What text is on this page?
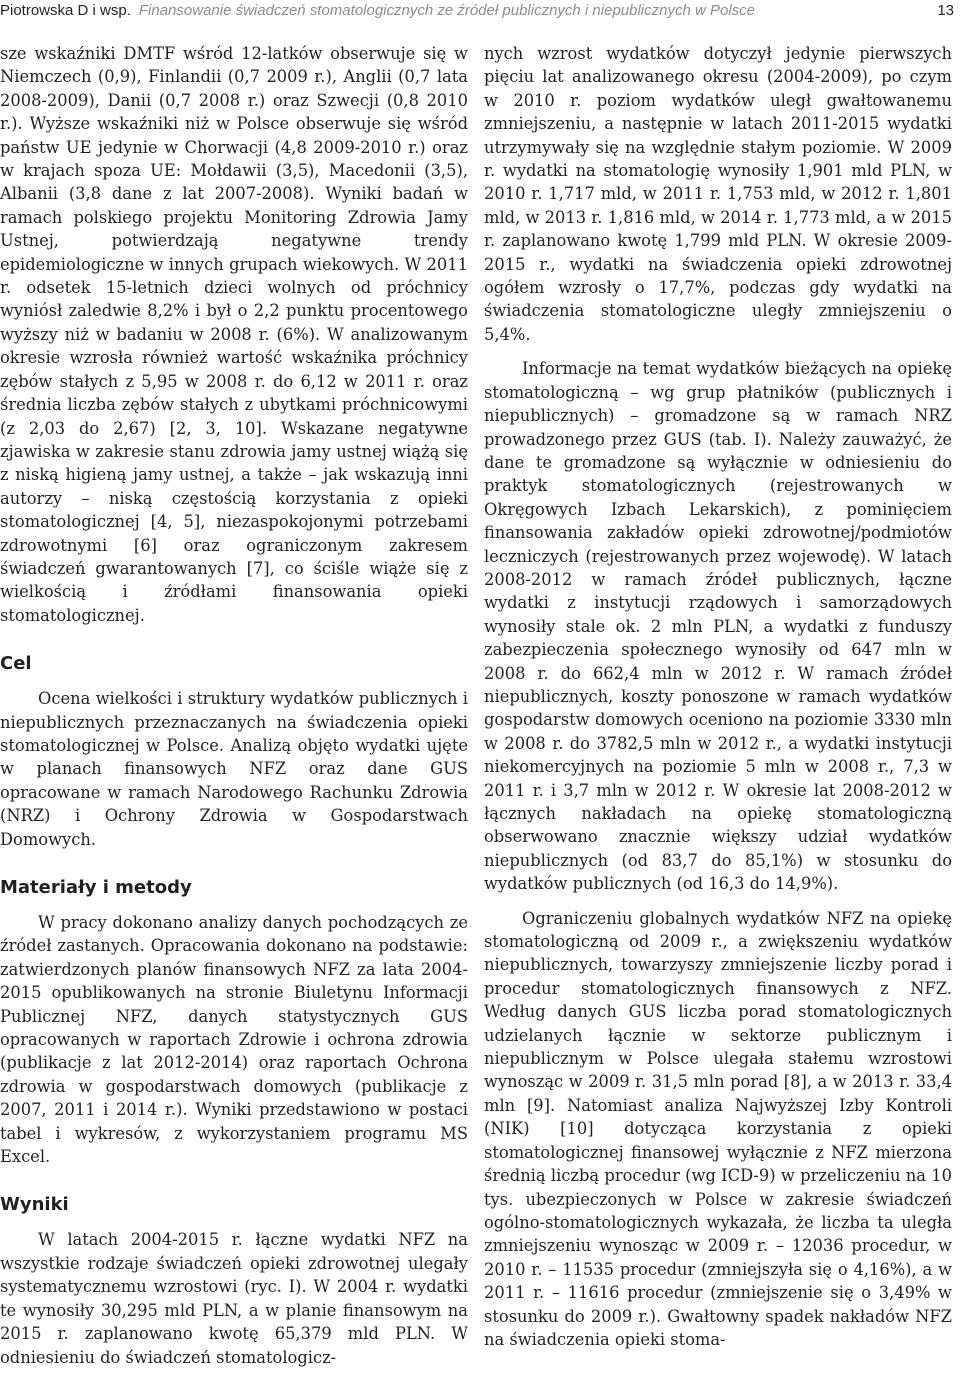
Piotrowska D i wsp. Finansowanie świadczeń stomatologicznych ze źródeł publicznych i niepublicznych w Polsce	13

sze wskaźniki DMTF wśród 12-latków obserwuje się w Niemczech (0,9), Finlandii (0,7 2009 r.), Anglii (0,7 lata 2008-2009), Danii (0,7 2008 r.) oraz Szwecji (0,8 2010 r.). Wyższe wskaźniki niż w Polsce obserwuje się wśród państw UE jedynie w Chorwacji (4,8 2009-2010 r.) oraz w krajach spoza UE: Mołdawii (3,5), Macedonii (3,5), Albanii (3,8 dane z lat 2007-2008). Wyniki badań w ramach polskiego projektu Monitoring Zdrowia Jamy Ustnej, potwierdzają negatywne trendy epidemiologiczne w innych grupach wiekowych. W 2011 r. odsetek 15-letnich dzieci wolnych od próchnicy wyniósł zaledwie 8,2% i był o 2,2 punktu procentowego wyższy niż w badaniu w 2008 r. (6%). W analizowanym okresie wzrosła również wartość wskaźnika próchnicy zębów stałych z 5,95 w 2008 r. do 6,12 w 2011 r. oraz średnia liczba zębów stałych z ubytkami próchnicowymi (z 2,03 do 2,67) [2, 3, 10]. Wskazane negatywne zjawiska w zakresie stanu zdrowia jamy ustnej wiążą się z niską higieną jamy ustnej, a także – jak wskazują inni autorzy – niską częstością korzystania z opieki stomatologicznej [4, 5], niezaspokojonymi potrzebami zdrowotnymi [6] oraz ograniczonym zakresem świadczeń gwarantowanych [7], co ściśle wiąże się z wielkością i źródłami finansowania opieki stomatologicznej.

Cel

Ocena wielkości i struktury wydatków publicznych i niepublicznych przeznaczanych na świadczenia opieki stomatologicznej w Polsce. Analizą objęto wydatki ujęte w planach finansowych NFZ oraz dane GUS opracowane w ramach Narodowego Rachunku Zdrowia (NRZ) i Ochrony Zdrowia w Gospodarstwach Domowych.

Materiały i metody

W pracy dokonano analizy danych pochodzących ze źródeł zastanych. Opracowania dokonano na podstawie: zatwierdzonych planów finansowych NFZ za lata 2004-2015 opublikowanych na stronie Biuletynu Informacji Publicznej NFZ, danych statystycznych GUS opracowanych w raportach Zdrowie i ochrona zdrowia (publikacje z lat 2012-2014) oraz raportach Ochrona zdrowia w gospodarstwach domowych (publikacje z 2007, 2011 i 2014 r.). Wyniki przedstawiono w postaci tabel i wykresów, z wykorzystaniem programu MS Excel.

Wyniki

W latach 2004-2015 r. łączne wydatki NFZ na wszystkie rodzaje świadczeń opieki zdrowotnej ulegały systematycznemu wzrostowi (ryc. I). W 2004 r. wydatki te wynosiły 30,295 mld PLN, a w planie finansowym na 2015 r. zaplanowano kwotę 65,379 mld PLN. W odniesieniu do świadczeń stomatologicz-

nych wzrost wydatków dotyczył jedynie pierwszych pięciu lat analizowanego okresu (2004-2009), po czym w 2010 r. poziom wydatków uległ gwałtowanemu zmniejszeniu, a następnie w latach 2011-2015 wydatki utrzymywały się na względnie stałym poziomie. W 2009 r. wydatki na stomatologię wynosiły 1,901 mld PLN, w 2010 r. 1,717 mld, w 2011 r. 1,753 mld, w 2012 r. 1,801 mld, w 2013 r. 1,816 mld, w 2014 r. 1,773 mld, a w 2015 r. zaplanowano kwotę 1,799 mld PLN. W okresie 2009-2015 r., wydatki na świadczenia opieki zdrowotnej ogółem wzrosły o 17,7%, podczas gdy wydatki na świadczenia stomatologiczne uległy zmniejszeniu o 5,4%.

Informacje na temat wydatków bieżących na opiekę stomatologiczną – wg grup płatników (publicznych i niepublicznych) – gromadzone są w ramach NRZ prowadzonego przez GUS (tab. I). Należy zauważyć, że dane te gromadzone są wyłącznie w odniesieniu do praktyk stomatologicznych (rejestrowanych w Okręgowych Izbach Lekarskich), z pominięciem finansowania zakładów opieki zdrowotnej/podmiotów leczniczych (rejestrowanych przez wojewodę). W latach 2008-2012 w ramach źródeł publicznych, łączne wydatki z instytucji rządowych i samorządowych wynosiły stale ok. 2 mln PLN, a wydatki z funduszy zabezpieczenia społecznego wynosiły od 647 mln w 2008 r. do 662,4 mln w 2012 r. W ramach źródeł niepublicznych, koszty ponoszone w ramach wydatków gospodarstw domowych oceniono na poziomie 3330 mln w 2008 r. do 3782,5 mln w 2012 r., a wydatki instytucji niekomercyjnych na poziomie 5 mln w 2008 r., 7,3 w 2011 r. i 3,7 mln w 2012 r. W okresie lat 2008-2012 w łącznych nakładach na opiekę stomatologiczną obserwowano znacznie większy udział wydatków niepublicznych (od 83,7 do 85,1%) w stosunku do wydatków publicznych (od 16,3 do 14,9%).

Ograniczeniu globalnych wydatków NFZ na opiekę stomatologiczną od 2009 r., a zwiększeniu wydatków niepublicznych, towarzyszy zmniejszenie liczby porad i procedur stomatologicznych finansowych z NFZ. Według danych GUS liczba porad stomatologicznych udzielanych łącznie w sektorze publicznym i niepublicznym w Polsce ulegała stałemu wzrostowi wynosząc w 2009 r. 31,5 mln porad [8], a w 2013 r. 33,4 mln [9]. Natomiast analiza Najwyższej Izby Kontroli (NIK) [10] dotycząca korzystania z opieki stomatologicznej finansowej wyłącznie z NFZ mierzona średnią liczbą procedur (wg ICD-9) w przeliczeniu na 10 tys. ubezpieczonych w Polsce w zakresie świadczeń ogólno-stomatologicznych wykazała, że liczba ta uległa zmniejszeniu wynosząc w 2009 r. – 12036 procedur, w 2010 r. – 11535 procedur (zmniejszyła się o 4,16%), a w 2011 r. – 11616 procedur (zmniejszenie się o 3,49% w stosunku do 2009 r.). Gwałtowny spadek nakładów NFZ na świadczenia opieki stoma-
